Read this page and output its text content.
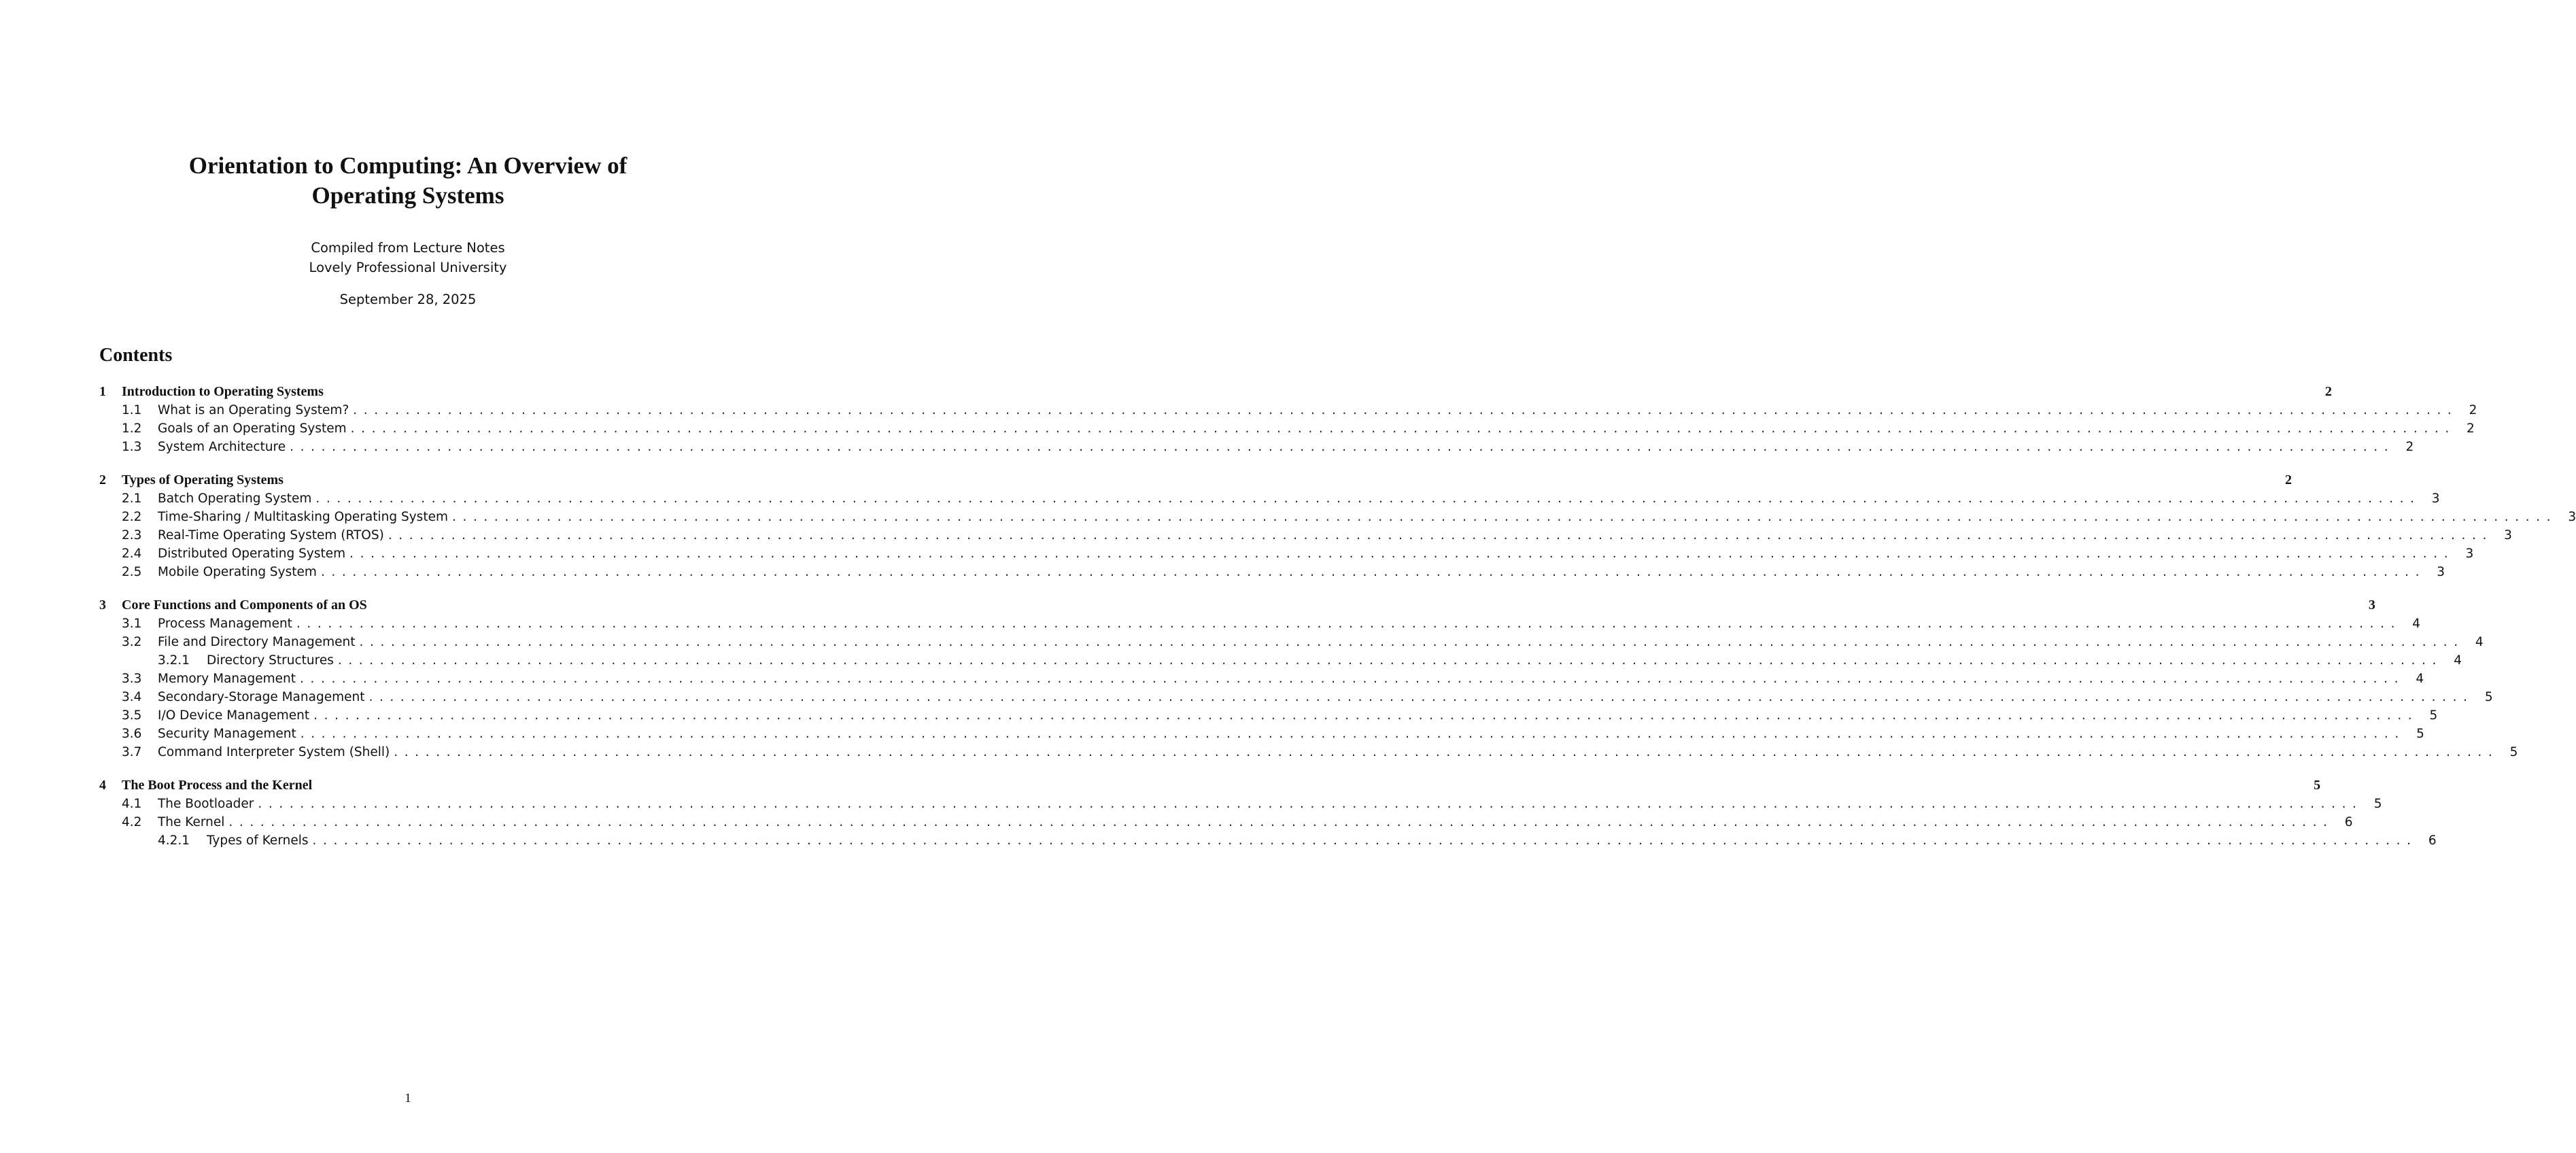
Orientation to Computing: An Overview of
Operating Systems
Compiled from Lecture Notes
Lovely Professional University
September 28, 2025
Contents
1	Introduction to Operating Systems	2
1.1	What is an Operating System? ........................................................................................................................................................................................................ 2
1.2	Goals of an Operating System ........................................................................................................................................................................................................ 2
1.3	System Architecture ........................................................................................................................................................................................................ 2
2	Types of Operating Systems	2
2.1	Batch Operating System ........................................................................................................................................................................................................ 3
2.2	Time-Sharing / Multitasking Operating System ........................................................................................................................................................................................................ 3
2.3	Real-Time Operating System (RTOS) ........................................................................................................................................................................................................ 3
2.4	Distributed Operating System ........................................................................................................................................................................................................ 3
2.5	Mobile Operating System ........................................................................................................................................................................................................ 3
3	Core Functions and Components of an OS	3
3.1	Process Management ........................................................................................................................................................................................................ 4
3.2	File and Directory Management ........................................................................................................................................................................................................ 4
3.2.1	Directory Structures ........................................................................................................................................................................................................ 4
3.3	Memory Management ........................................................................................................................................................................................................ 4
3.4	Secondary-Storage Management ........................................................................................................................................................................................................ 5
3.5	I/O Device Management ........................................................................................................................................................................................................ 5
3.6	Security Management ........................................................................................................................................................................................................ 5
3.7	Command Interpreter System (Shell) ........................................................................................................................................................................................................ 5
4	The Boot Process and the Kernel	5
4.1	The Bootloader ........................................................................................................................................................................................................ 5
4.2	The Kernel ........................................................................................................................................................................................................ 6
4.2.1	Types of Kernels ........................................................................................................................................................................................................ 6
1
